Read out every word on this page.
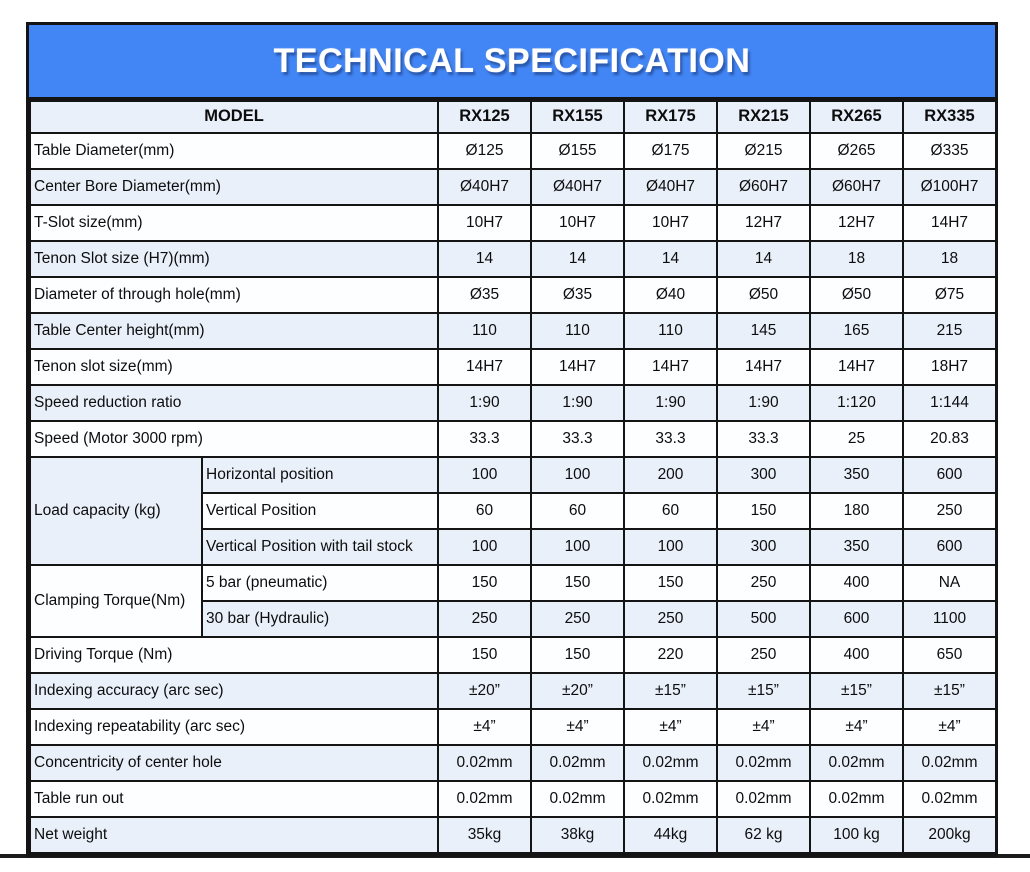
TECHNICAL SPECIFICATION
MODEL		RX125	RX155	RX175	RX215	RX265	RX335
Table Diameter(mm)		Ø125	Ø155	Ø175	Ø215	Ø265	Ø335
Center Bore Diameter(mm)		Ø40H7	Ø40H7	Ø40H7	Ø60H7	Ø60H7	Ø100H7
T-Slot size(mm)		10H7	10H7	10H7	12H7	12H7	14H7
Tenon Slot size (H7)(mm)		14	14	14	14	18	18
Diameter of through hole(mm)		Ø35	Ø35	Ø40	Ø50	Ø50	Ø75
Table Center height(mm)		110	110	110	145	165	215
Tenon slot size(mm)		14H7	14H7	14H7	14H7	14H7	18H7
Speed reduction ratio		1:90	1:90	1:90	1:90	1:120	1:144
Speed (Motor 3000 rpm)		33.3	33.3	33.3	33.3	25	20.83
Load capacity (kg)	Horizontal position	100	100	200	300	350	600
	Vertical Position	60	60	60	150	180	250
	Vertical Position with tail stock	100	100	100	300	350	600
Clamping Torque(Nm)	5 bar (pneumatic)	150	150	150	250	400	NA
	30 bar (Hydraulic)	250	250	250	500	600	1100
Driving Torque (Nm)		150	150	220	250	400	650
Indexing accuracy (arc sec)		±20”	±20”	±15”	±15”	±15”	±15”
Indexing repeatability (arc sec)		±4”	±4”	±4”	±4”	±4”	±4”
Concentricity of center hole		0.02mm	0.02mm	0.02mm	0.02mm	0.02mm	0.02mm
Table run out		0.02mm	0.02mm	0.02mm	0.02mm	0.02mm	0.02mm
Net weight		35kg	38kg	44kg	62 kg	100 kg	200kg
